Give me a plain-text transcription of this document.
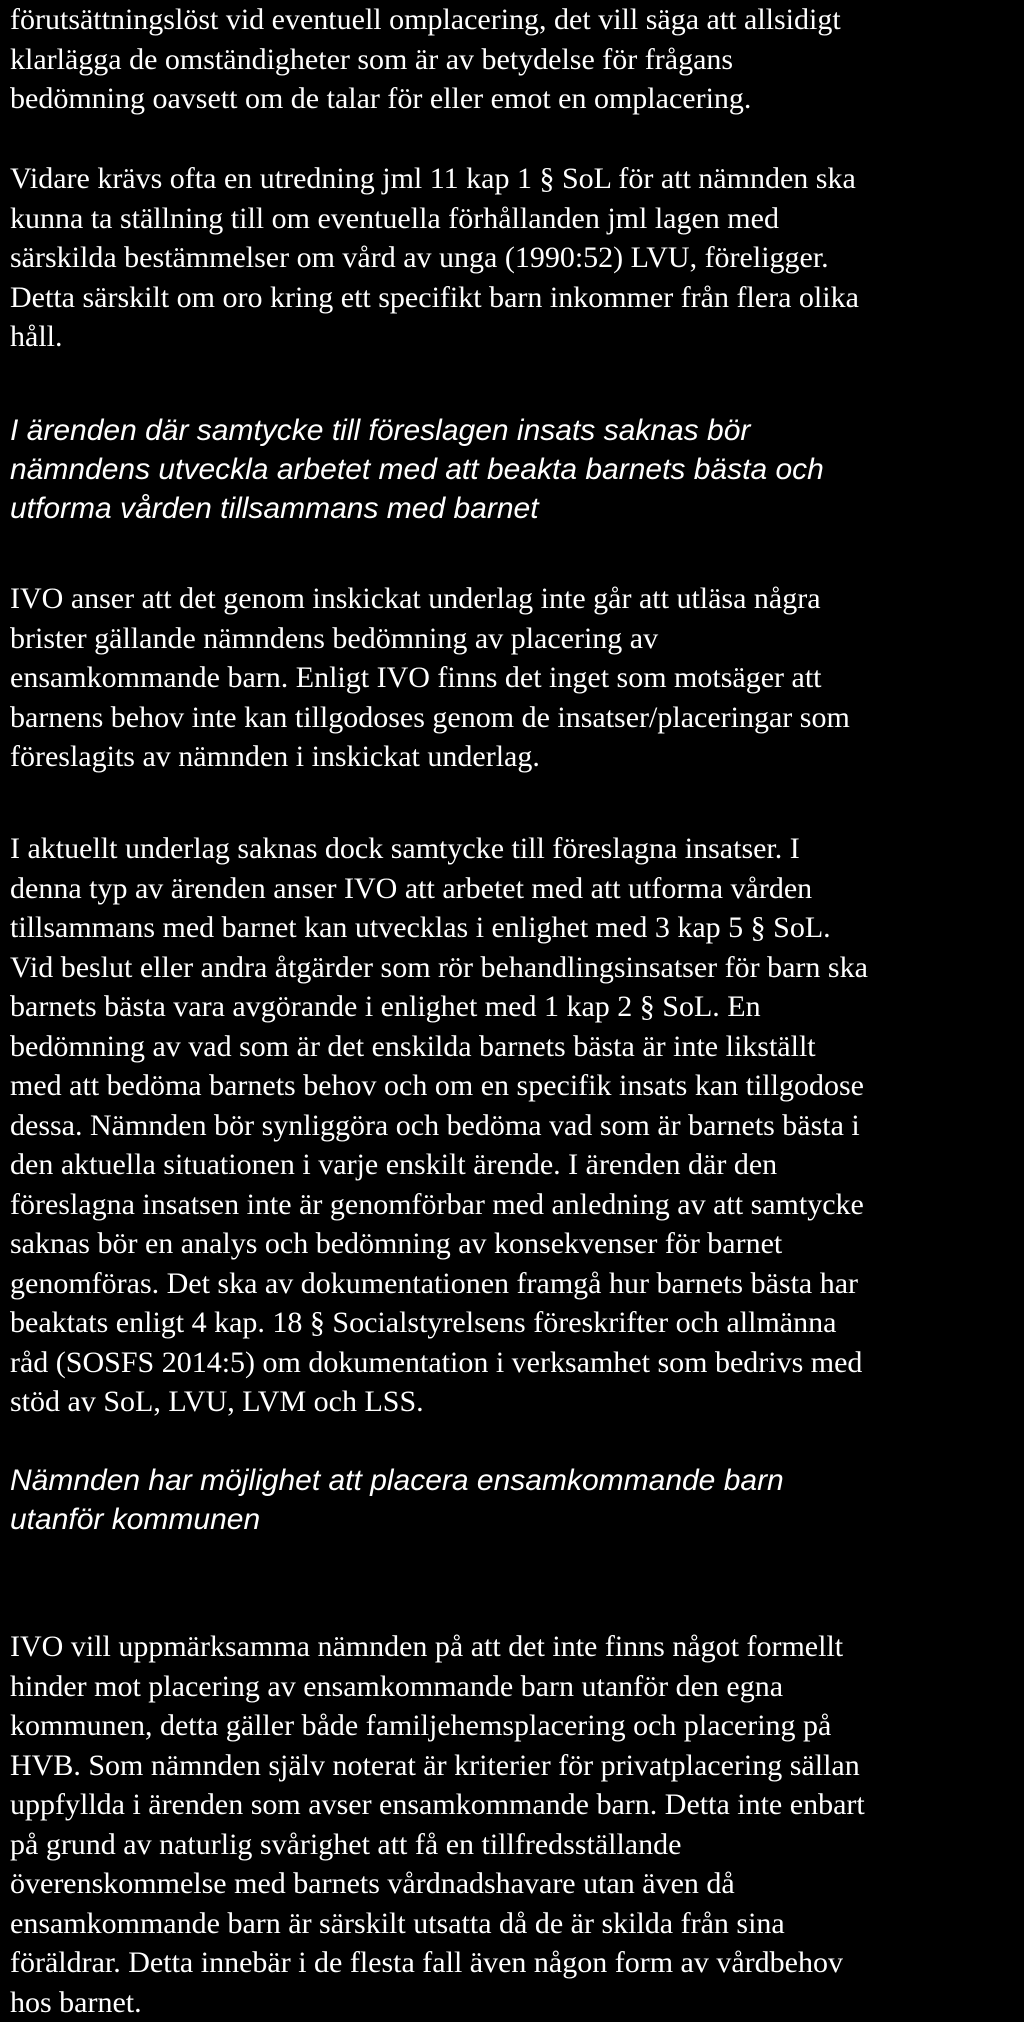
förutsättningslöst vid eventuell omplacering, det vill säga att allsidigt
klarlägga de omständigheter som är av betydelse för frågans
bedömning oavsett om de talar för eller emot en omplacering.
Vidare krävs ofta en utredning jml 11 kap 1 § SoL för att nämnden ska
kunna ta ställning till om eventuella förhållanden jml lagen med
särskilda bestämmelser om vård av unga (1990:52) LVU, föreligger.
Detta särskilt om oro kring ett specifikt barn inkommer från flera olika
håll.
I ärenden där samtycke till föreslagen insats saknas bör
nämndens utveckla arbetet med att beakta barnets bästa och
utforma vården tillsammans med barnet
IVO anser att det genom inskickat underlag inte går att utläsa några
brister gällande nämndens bedömning av placering av
ensamkommande barn. Enligt IVO finns det inget som motsäger att
barnens behov inte kan tillgodoses genom de insatser/placeringar som
föreslagits av nämnden i inskickat underlag.
I aktuellt underlag saknas dock samtycke till föreslagna insatser. I
denna typ av ärenden anser IVO att arbetet med att utforma vården
tillsammans med barnet kan utvecklas i enlighet med 3 kap 5 § SoL.
Vid beslut eller andra åtgärder som rör behandlingsinsatser för barn ska
barnets bästa vara avgörande i enlighet med 1 kap 2 § SoL. En
bedömning av vad som är det enskilda barnets bästa är inte likställt
med att bedöma barnets behov och om en specifik insats kan tillgodose
dessa. Nämnden bör synliggöra och bedöma vad som är barnets bästa i
den aktuella situationen i varje enskilt ärende. I ärenden där den
föreslagna insatsen inte är genomförbar med anledning av att samtycke
saknas bör en analys och bedömning av konsekvenser för barnet
genomföras. Det ska av dokumentationen framgå hur barnets bästa har
beaktats enligt 4 kap. 18 § Socialstyrelsens föreskrifter och allmänna
råd (SOSFS 2014:5) om dokumentation i verksamhet som bedrivs med
stöd av SoL, LVU, LVM och LSS.
Nämnden har möjlighet att placera ensamkommande barn
utanför kommunen
IVO vill uppmärksamma nämnden på att det inte finns något formellt
hinder mot placering av ensamkommande barn utanför den egna
kommunen, detta gäller både familjehemsplacering och placering på
HVB. Som nämnden själv noterat är kriterier för privatplacering sällan
uppfyllda i ärenden som avser ensamkommande barn. Detta inte enbart
på grund av naturlig svårighet att få en tillfredsställande
överenskommelse med barnets vårdnadshavare utan även då
ensamkommande barn är särskilt utsatta då de är skilda från sina
föräldrar. Detta innebär i de flesta fall även någon form av vårdbehov
hos barnet.
